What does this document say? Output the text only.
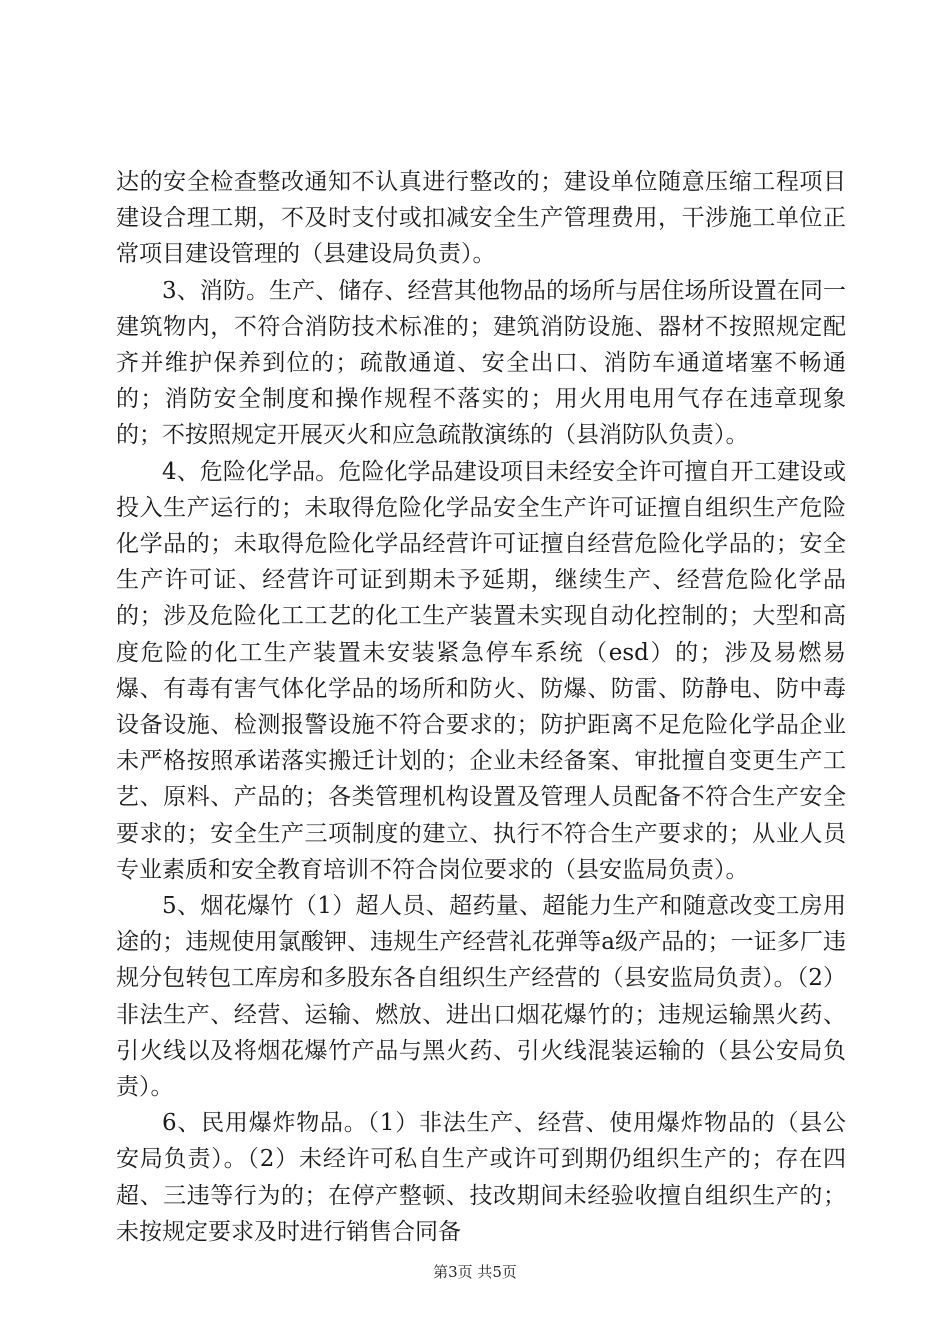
达的安全检查整改通知不认真进行整改的；建设单位随意压缩工程项目建设合理工期，不及时支付或扣减安全生产管理费用，干涉施工单位正常项目建设管理的（县建设局负责）。

3、消防。生产、储存、经营其他物品的场所与居住场所设置在同一建筑物内，不符合消防技术标准的；建筑消防设施、器材不按照规定配齐并维护保养到位的；疏散通道、安全出口、消防车通道堵塞不畅通的；消防安全制度和操作规程不落实的；用火用电用气存在违章现象的；不按照规定开展灭火和应急疏散演练的（县消防队负责）。

4、危险化学品。危险化学品建设项目未经安全许可擅自开工建设或投入生产运行的；未取得危险化学品安全生产许可证擅自组织生产危险化学品的；未取得危险化学品经营许可证擅自经营危险化学品的；安全生产许可证、经营许可证到期未予延期，继续生产、经营危险化学品的；涉及危险化工工艺的化工生产装置未实现自动化控制的；大型和高度危险的化工生产装置未安装紧急停车系统（esd）的；涉及易燃易爆、有毒有害气体化学品的场所和防火、防爆、防雷、防静电、防中毒设备设施、检测报警设施不符合要求的；防护距离不足危险化学品企业未严格按照承诺落实搬迁计划的；企业未经备案、审批擅自变更生产工艺、原料、产品的；各类管理机构设置及管理人员配备不符合生产安全要求的；安全生产三项制度的建立、执行不符合生产要求的；从业人员专业素质和安全教育培训不符合岗位要求的（县安监局负责）。

5、烟花爆竹（1）超人员、超药量、超能力生产和随意改变工房用途的；违规使用氯酸钾、违规生产经营礼花弹等a级产品的；一证多厂违规分包转包工库房和多股东各自组织生产经营的（县安监局负责）。（2）非法生产、经营、运输、燃放、进出口烟花爆竹的；违规运输黑火药、引火线以及将烟花爆竹产品与黑火药、引火线混装运输的（县公安局负责）。

6、民用爆炸物品。（1）非法生产、经营、使用爆炸物品的（县公安局负责）。（2）未经许可私自生产或许可到期仍组织生产的；存在四超、三违等行为的；在停产整顿、技改期间未经验收擅自组织生产的；未按规定要求及时进行销售合同备

第3页 共5页
